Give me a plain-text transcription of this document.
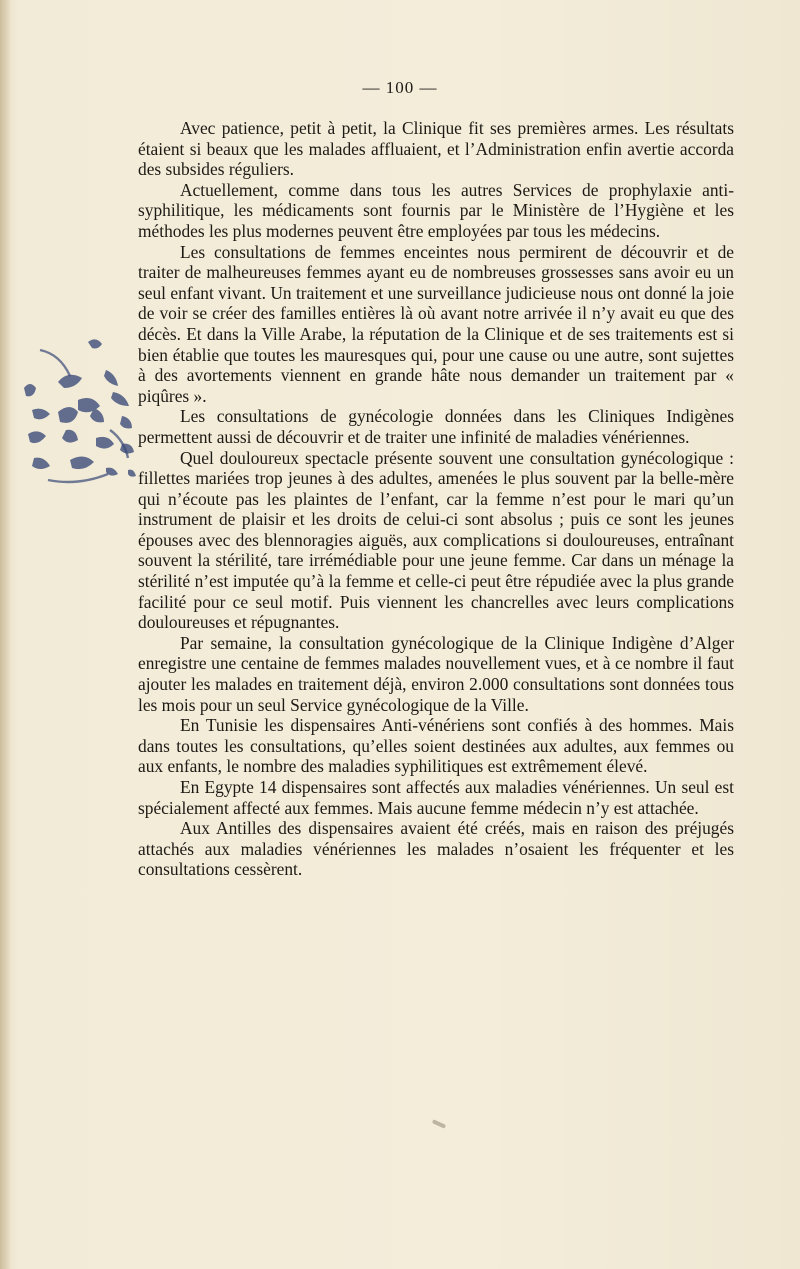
— 100 —

Avec patience, petit à petit, la Clinique fit ses premières armes. Les résultats étaient si beaux que les malades affluaient, et l’Administration enfin avertie accorda des subsides réguliers.

Actuellement, comme dans tous les autres Services de prophylaxie anti-syphilitique, les médicaments sont fournis par le Ministère de l’Hygiène et les méthodes les plus modernes peuvent être employées par tous les médecins.

Les consultations de femmes enceintes nous permirent de découvrir et de traiter de malheureuses femmes ayant eu de nombreuses grossesses sans avoir eu un seul enfant vivant. Un traitement et une surveillance judicieuse nous ont donné la joie de voir se créer des familles entières là où avant notre arrivée il n’y avait eu que des décès. Et dans la Ville Arabe, la réputation de la Clinique et de ses traitements est si bien établie que toutes les mauresques qui, pour une cause ou une autre, sont sujettes à des avortements viennent en grande hâte nous demander un traitement par « piqûres ».

Les consultations de gynécologie données dans les Cliniques Indigènes permettent aussi de découvrir et de traiter une infinité de maladies vénériennes.

Quel douloureux spectacle présente souvent une consultation gynécologique : fillettes mariées trop jeunes à des adultes, amenées le plus souvent par la belle-mère qui n’écoute pas les plaintes de l’enfant, car la femme n’est pour le mari qu’un instrument de plaisir et les droits de celui-ci sont absolus ; puis ce sont les jeunes épouses avec des blennoragies aiguës, aux complications si douloureuses, entraînant souvent la stérilité, tare irrémédiable pour une jeune femme. Car dans un ménage la stérilité n’est imputée qu’à la femme et celle-ci peut être répudiée avec la plus grande facilité pour ce seul motif. Puis viennent les chancrelles avec leurs complications douloureuses et répugnantes.

Par semaine, la consultation gynécologique de la Clinique Indigène d’Alger enregistre une centaine de femmes malades nouvellement vues, et à ce nombre il faut ajouter les malades en traitement déjà, environ 2.000 consultations sont données tous les mois pour un seul Service gynécologique de la Ville.

En Tunisie les dispensaires Anti-vénériens sont confiés à des hommes. Mais dans toutes les consultations, qu’elles soient destinées aux adultes, aux femmes ou aux enfants, le nombre des maladies syphilitiques est extrêmement élevé.

En Egypte 14 dispensaires sont affectés aux maladies vénériennes. Un seul est spécialement affecté aux femmes. Mais aucune femme médecin n’y est attachée.

Aux Antilles des dispensaires avaient été créés, mais en raison des préjugés attachés aux maladies vénériennes les malades n’osaient les fréquenter et les consultations cessèrent.
